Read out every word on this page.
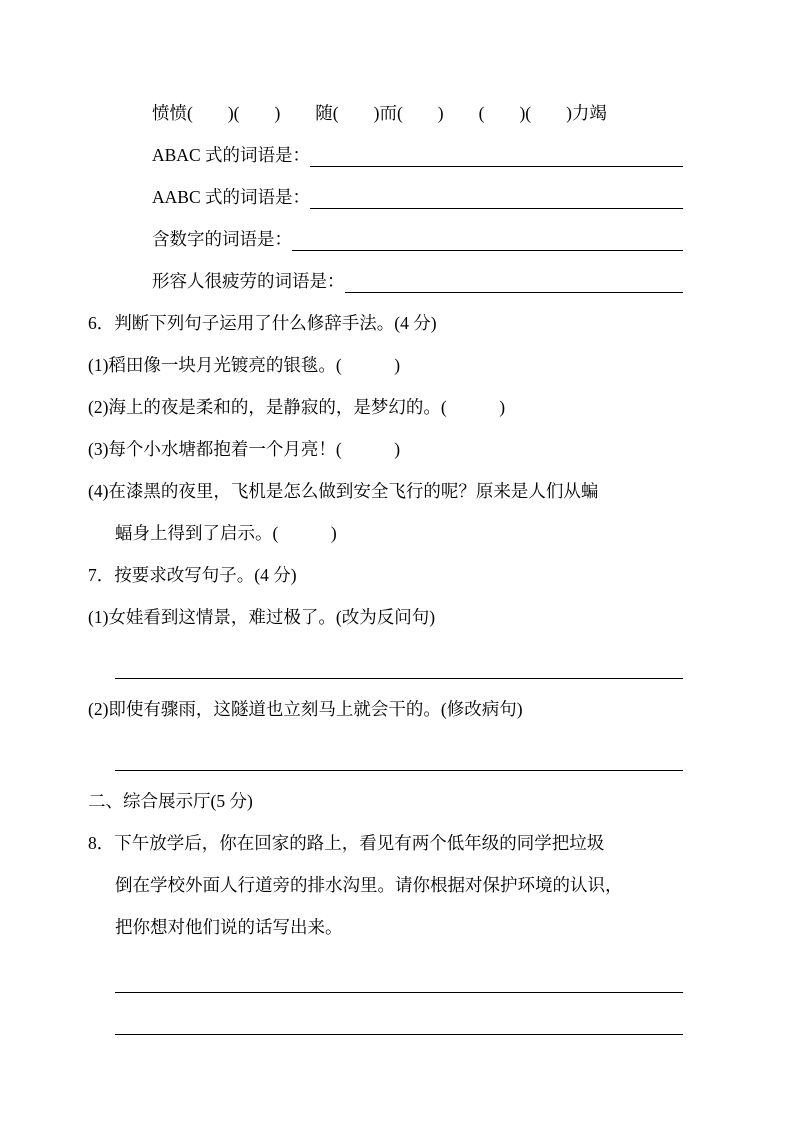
愤愤(　　)(　　)　　随(　　)而(　　)　　(　　)(　　)力竭
ABAC 式的词语是：
AABC 式的词语是：
含数字的词语是：
形容人很疲劳的词语是：
6．判断下列句子运用了什么修辞手法。(4 分)
(1)稻田像一块月光镀亮的银毯。(　　　)
(2)海上的夜是柔和的，是静寂的，是梦幻的。(　　　)
(3)每个小水塘都抱着一个月亮！(　　　)
(4)在漆黑的夜里，飞机是怎么做到安全飞行的呢？原来是人们从蝙
蝠身上得到了启示。(　　　)
7．按要求改写句子。(4 分)
(1)女娃看到这情景，难过极了。(改为反问句)
(2)即使有骤雨，这隧道也立刻马上就会干的。(修改病句)
二、综合展示厅(5 分)
8．下午放学后，你在回家的路上，看见有两个低年级的同学把垃圾
倒在学校外面人行道旁的排水沟里。请你根据对保护环境的认识，
把你想对他们说的话写出来。
